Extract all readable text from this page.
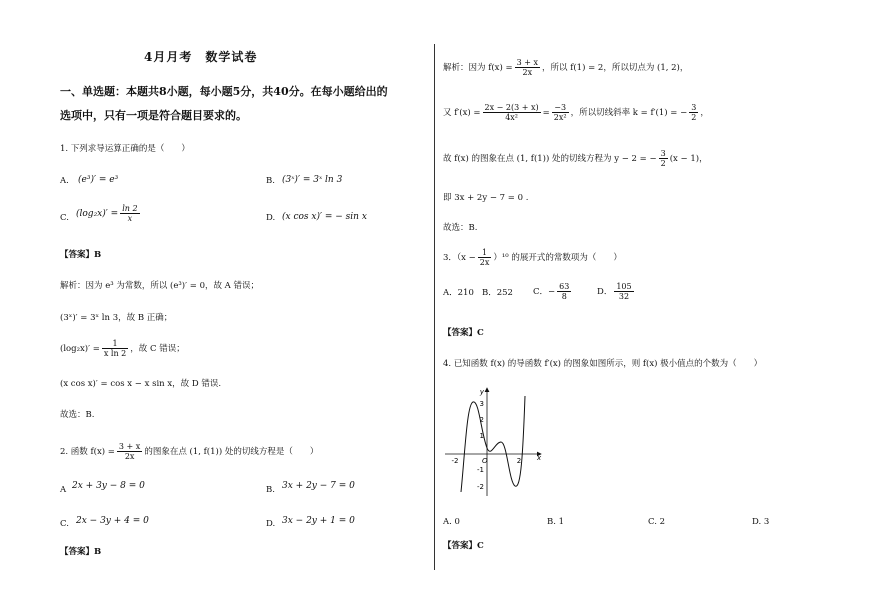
4月月考　数学试卷
一、单选题：本题共8小题，每小题5分，共40分。在每小题给出的
选项中，只有一项是符合题目要求的。
1. 下列求导运算正确的是（　　）
A. (e³)′ = e³	B. (3ˣ)′ = 3ˣ ln 3
C. $(\log_2x)' = \frac{\ln 2}{x}$	D. (x cos x)′ = − sin x
【答案】B
解析：因为 e³ 为常数，所以 (e³)′ = 0，故 A 错误；
(3ˣ)′ = 3ˣ ln 3，故 B 正确；
$(\log_2x)' = \frac{1}{\text{x ln 2}}$ ，故 C 错误；
(x cos x)′ = cos x − x sin x，故 D 错误.
故选：B.
2. 函数 $f(x) = \frac{3 + x}{2x}$ 的图象在点 (1, f(1)) 处的切线方程是（　　）
A 2x + 3y − 8 = 0	B. 3x + 2y − 7 = 0
C. 2x − 3y + 4 = 0	D. 3x − 2y + 1 = 0
【答案】B
解析：因为 $f(x) = \frac{3 + x}{2x}$ ，所以 f(1) = 2，所以切点为 (1, 2)，
又 $f'(x) = \frac{2x - 2(3 + x)}{\text{4x²}} = \frac{-3}{\text{2x²}}$ ，所以切线斜率 k = f′(1) = − $\frac{3}{2}$ ，
故 f(x) 的图象在点 (1, f(1)) 处的切线方程为 y − 2 = − $\frac{3}{2} (x - 1)$，
即 3x + 2y − 7 = 0 .
故选：B.
3．$(x - \frac{1}{2x} )^{10}$ 的展开式的常数项为（　　）
A．210 B．252 C．− $\frac{63}{8}$	D． $\frac{105}{32}$
【答案】C
4. 已知函数 f(x) 的导函数 f′(x) 的图象如图所示，则 f(x) 极小值点的个数为（　　）
y
x
O
3
2
1
-1
-2
-2	2
A. 0	B. 1	C. 2	D. 3
【答案】C
